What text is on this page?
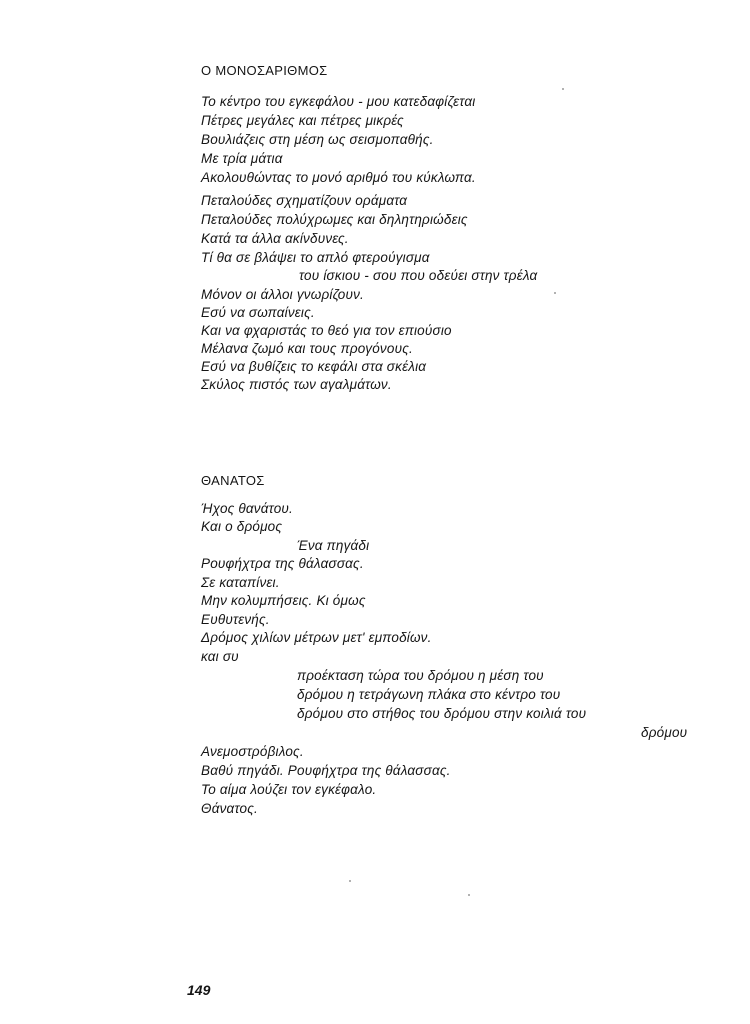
Ο ΜΟΝΟΣΑΡΙΘΜΟΣ
Το κέντρο του εγκεφάλου - μου κατεδαφίζεται
Πέτρες μεγάλες και πέτρες μικρές
Βουλιάζεις στη μέση ως σεισμοπαθής.
Με τρία μάτια
Ακολουθώντας το μονό αριθμό του κύκλωπα.
Πεταλούδες σχηματίζουν οράματα
Πεταλούδες πολύχρωμες και δηλητηριώδεις
Κατά τα άλλα ακίνδυνες.
Τί θα σε βλάψει το απλό φτερούγισμα
του ίσκιου - σου που οδεύει στην τρέλα
Μόνον οι άλλοι γνωρίζουν.
Εσύ να σωπαίνεις.
Και να φχαριστάς το θεό για τον επιούσιο
Μέλανα ζωμό και τους προγόνους.
Εσύ να βυθίζεις το κεφάλι στα σκέλια
Σκύλος πιστός των αγαλμάτων.
ΘΑΝΑΤΟΣ
Ήχος θανάτου.
Και ο δρόμος
Ένα πηγάδι
Ρουφήχτρα της θάλασσας.
Σε καταπίνει.
Μην κολυμπήσεις. Κι όμως
Ευθυτενής.
Δρόμος χιλίων μέτρων μετ' εμποδίων.
και συ
προέκταση τώρα του δρόμου η μέση του
δρόμου η τετράγωνη πλάκα στο κέντρο του
δρόμου στο στήθος του δρόμου στην κοιλιά του
δρόμου
Ανεμοστρόβιλος.
Βαθύ πηγάδι. Ρουφήχτρα της θάλασσας.
Το αίμα λούζει τον εγκέφαλο.
Θάνατος.
149
